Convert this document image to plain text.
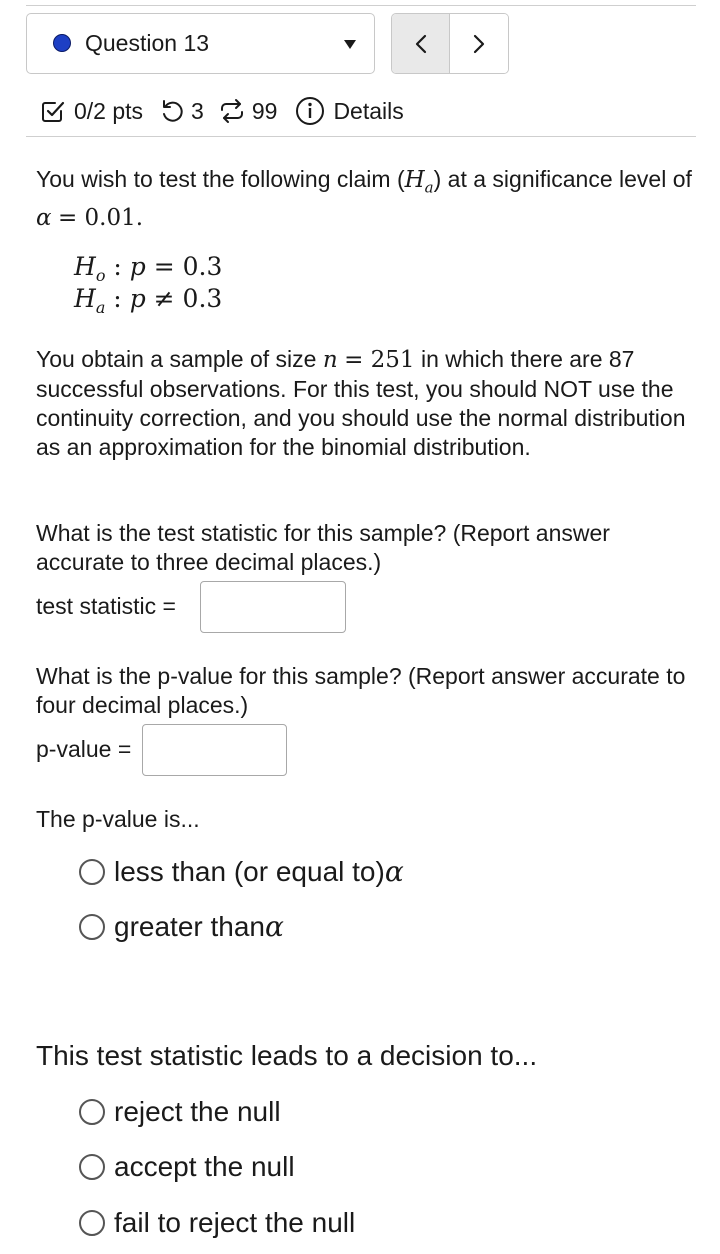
Question 13
0/2 pts 3 99 Details
You wish to test the following claim $(H_a)$ at a significance level of α = 0.01.
$H_o$ : p = 0.3
$H_a$ : p ≠ 0.3
You obtain a sample of size n = 251 in which there are 87 successful observations. For this test, you should NOT use the continuity correction, and you should use the normal distribution as an approximation for the binomial distribution.
What is the test statistic for this sample? (Report answer accurate to three decimal places.)
test statistic =
What is the p-value for this sample? (Report answer accurate to four decimal places.)
p-value =
The p-value is...
less than (or equal to) α
greater than α
This test statistic leads to a decision to...
reject the null
accept the null
fail to reject the null
